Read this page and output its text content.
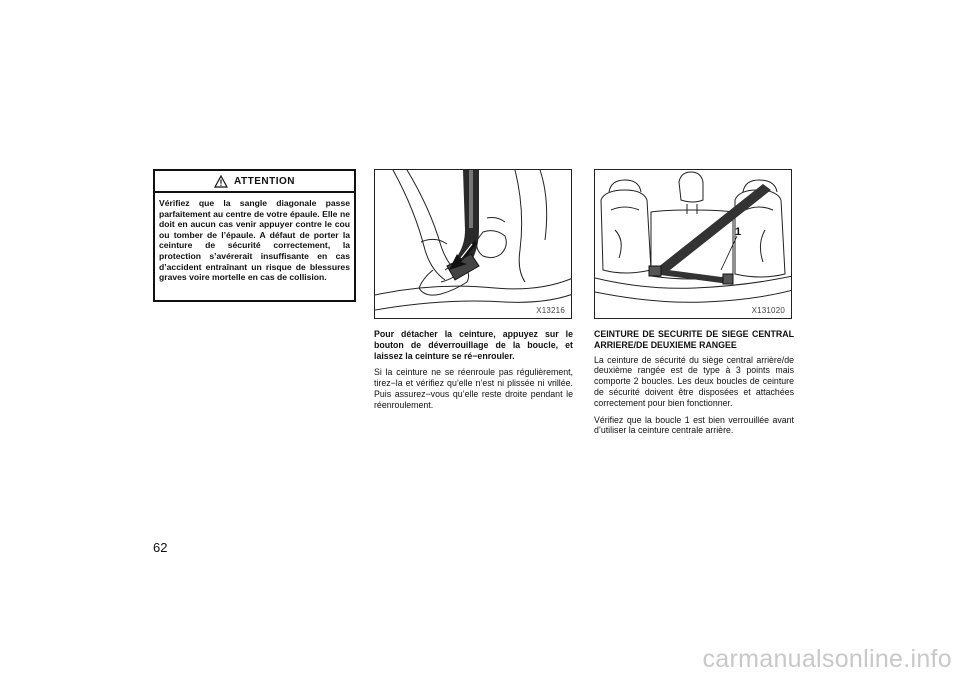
ATTENTION
Vérifiez que la sangle diagonale passe parfaitement au centre de votre épaule. Elle ne doit en aucun cas venir appuyer contre le cou ou tomber de l’épaule. A défaut de porter la ceinture de sécurité correctement, la protection s’avérerait insuffisante en cas d’accident entraînant un risque de blessures graves voire mortelle en cas de collision.
X13216
1
X131020

Pour détacher la ceinture, appuyez sur le bouton de déverrouillage de la boucle, et laissez la ceinture se ré−enrouler.

Si la ceinture ne se réenroule pas régulièrement, tirez−la et vérifiez qu’elle n’est ni plissée ni vrillée. Puis assurez−vous qu’elle reste droite pendant le réenroulement.

CEINTURE DE SECURITE DE SIEGE CENTRAL ARRIERE/DE DEUXIEME RANGEE

La ceinture de sécurité du siège central arrière/de deuxième rangée est de type à 3 points mais comporte 2 boucles. Les deux boucles de ceinture de sécurité doivent être disposées et attachées correctement pour bien fonctionner.

Vérifiez que la boucle 1 est bien verrouillée avant d’utiliser la ceinture centrale arrière.

62
carmanualsonline.info
